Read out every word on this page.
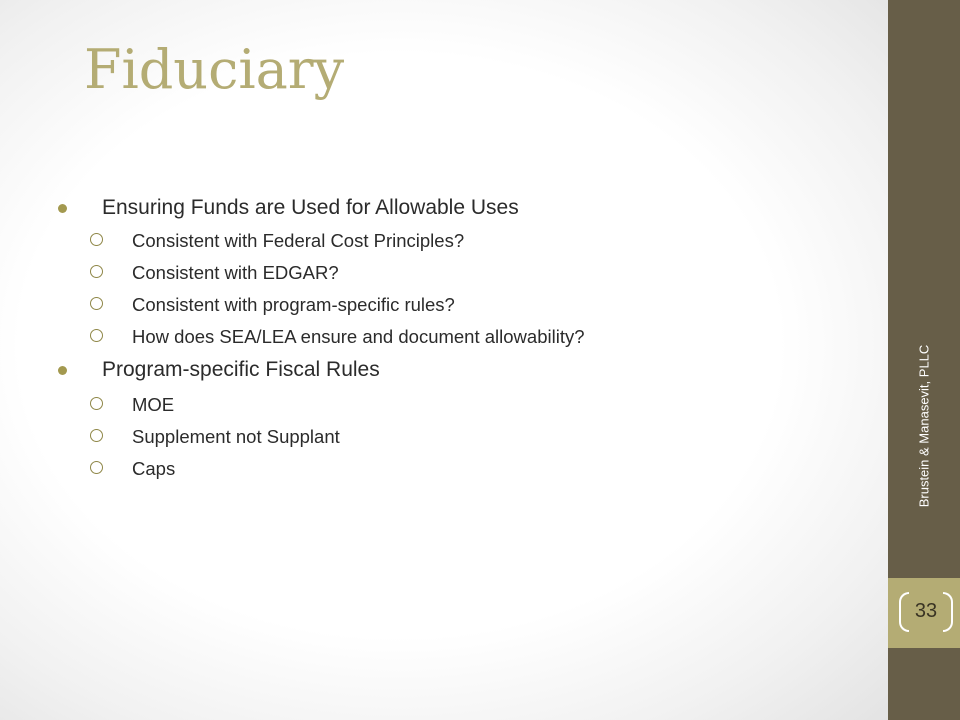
Fiduciary
Ensuring Funds are Used for Allowable Uses
Consistent with Federal Cost Principles?
Consistent with EDGAR?
Consistent with program-specific rules?
How does SEA/LEA ensure and document allowability?
Program-specific Fiscal Rules
MOE
Supplement not Supplant
Caps	Brustein & Manasevit, PLLC
33
